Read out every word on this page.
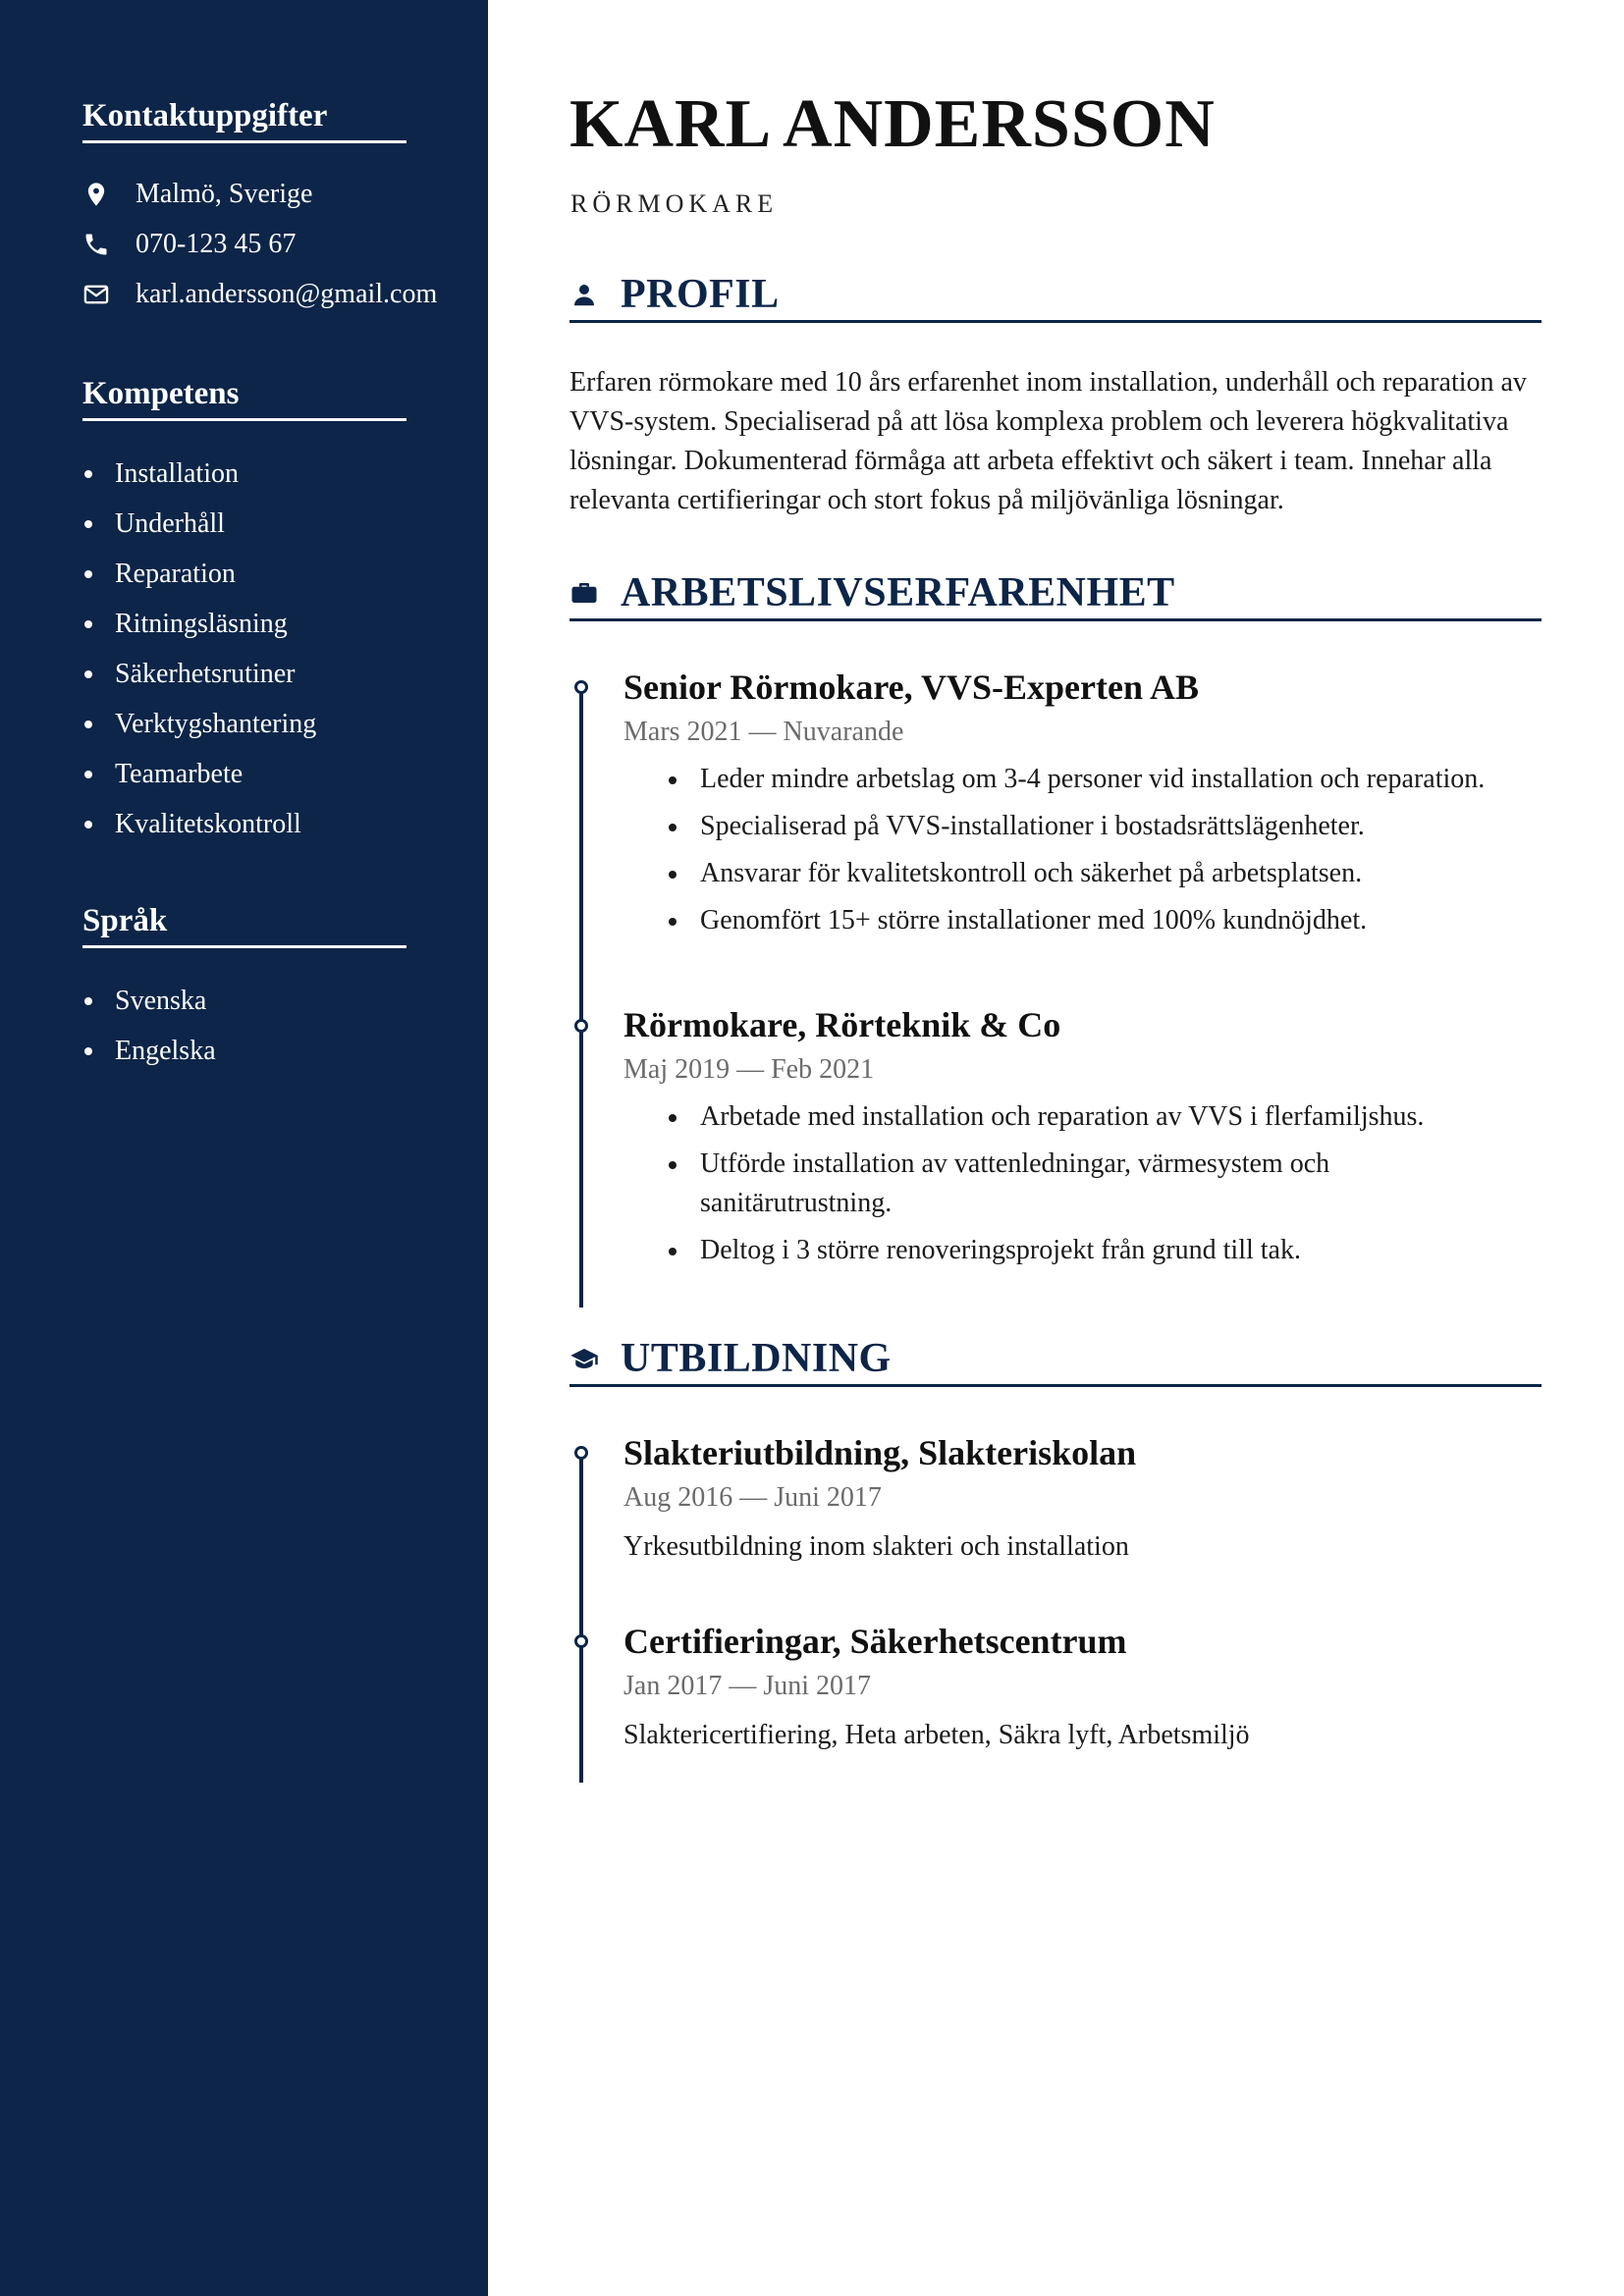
Kontaktuppgifter
Malmö, Sverige
070-123 45 67
karl.andersson@gmail.com
Kompetens
Installation
Underhåll
Reparation
Ritningsläsning
Säkerhetsrutiner
Verktygshantering
Teamarbete
Kvalitetskontroll
Språk
Svenska
Engelska
KARL ANDERSSON
RÖRMOKARE
PROFIL

Erfaren rörmokare med 10 års erfarenhet inom installation, underhåll och reparation av VVS-system. Specialiserad på att lösa komplexa problem och leverera högkvalitativa lösningar. Dokumenterad förmåga att arbeta effektivt och säkert i team. Innehar alla relevanta certifieringar och stort fokus på miljövänliga lösningar.

ARBETSLIVSERFARENHET
Senior Rörmokare, VVS-Experten AB
Mars 2021 — Nuvarande
Leder mindre arbetslag om 3-4 personer vid installation och reparation.
Specialiserad på VVS-installationer i bostadsrättslägenheter.
Ansvarar för kvalitetskontroll och säkerhet på arbetsplatsen.
Genomfört 15+ större installationer med 100% kundnöjdhet.
Rörmokare, Rörteknik & Co
Maj 2019 — Feb 2021
Arbetade med installation och reparation av VVS i flerfamiljshus.
Utförde installation av vattenledningar, värmesystem och sanitärutrustning.
Deltog i 3 större renoveringsprojekt från grund till tak.
UTBILDNING
Slakteriutbildning, Slakteriskolan
Aug 2016 — Juni 2017
Yrkesutbildning inom slakteri och installation
Certifieringar, Säkerhetscentrum
Jan 2017 — Juni 2017
Slaktericertifiering, Heta arbeten, Säkra lyft, Arbetsmiljö
